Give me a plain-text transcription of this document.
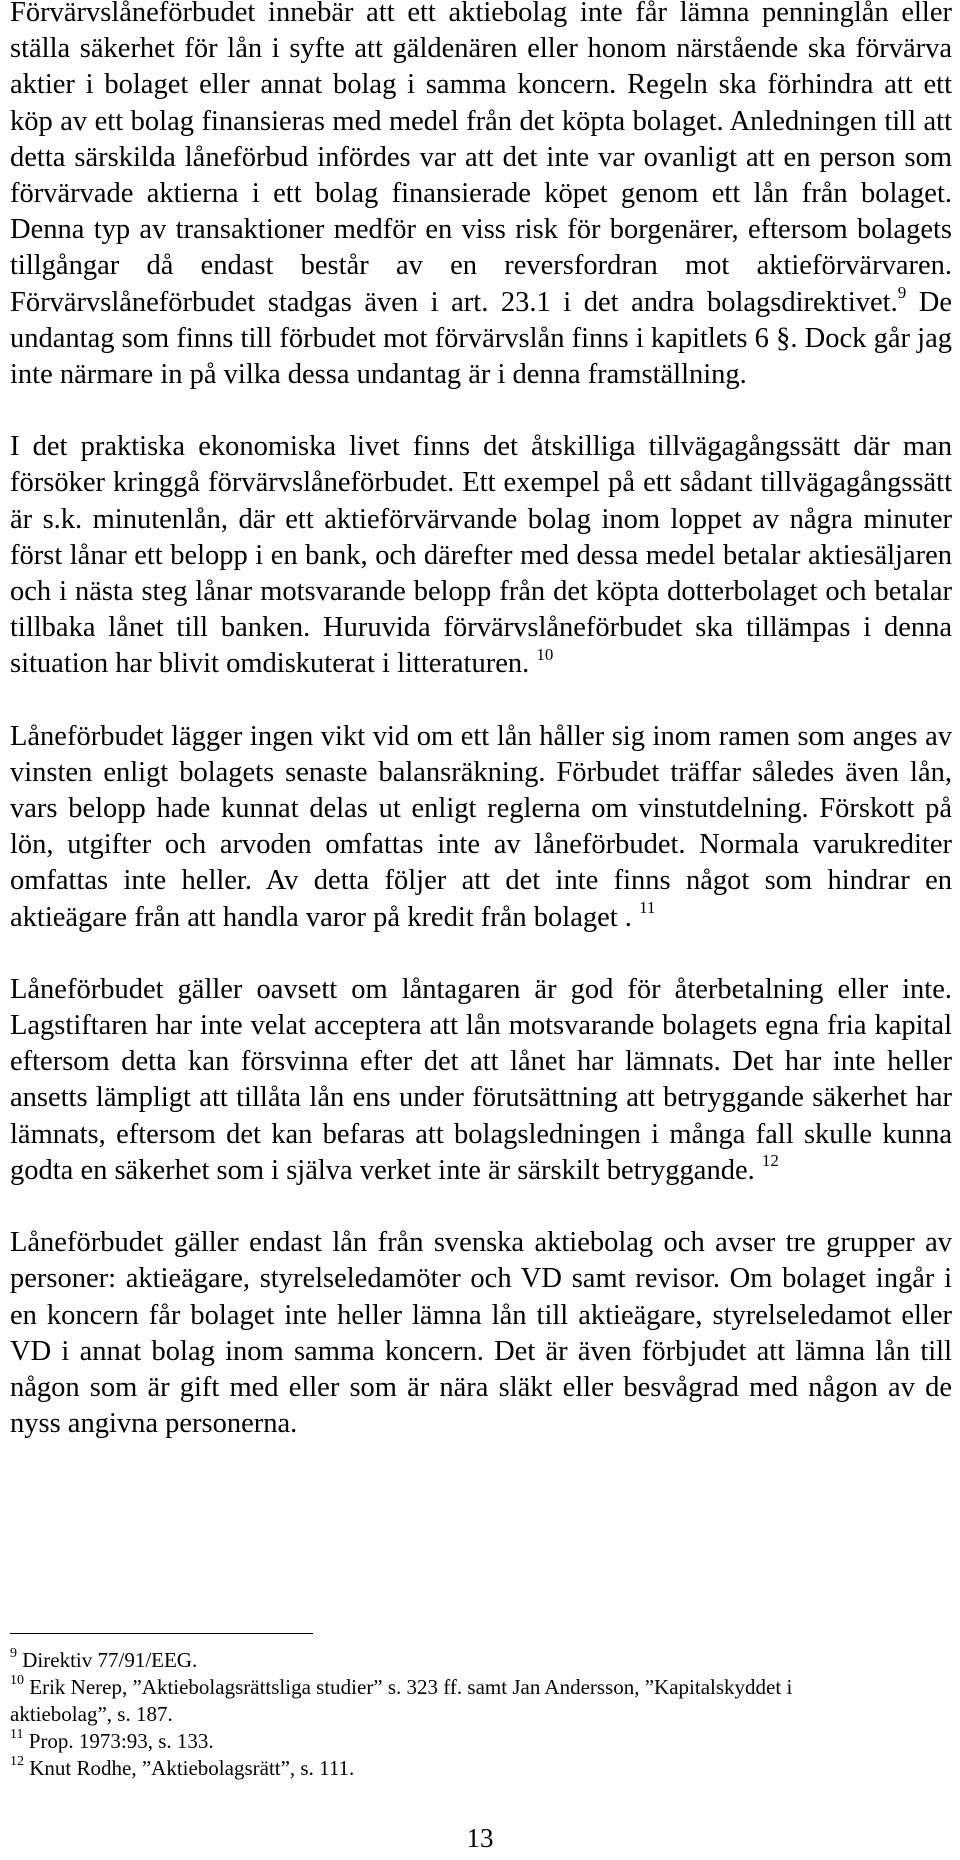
Förvärvslåneförbudet innebär att ett aktiebolag inte får lämna penninglån eller ställa säkerhet för lån i syfte att gäldenären eller honom närstående ska förvärva aktier i bolaget eller annat bolag i samma koncern. Regeln ska förhindra att ett köp av ett bolag finansieras med medel från det köpta bolaget. Anledningen till att detta särskilda låneförbud infördes var att det inte var ovanligt att en person som förvärvade aktierna i ett bolag finansierade köpet genom ett lån från bolaget. Denna typ av transaktioner medför en viss risk för borgenärer, eftersom bolagets tillgångar då endast består av en reversfordran mot aktieförvärvaren. Förvärvslåneförbudet stadgas även i art. 23.1 i det andra bolagsdirektivet.$^9$ De undantag som finns till förbudet mot förvärvslån finns i kapitlets 6 §. Dock går jag inte närmare in på vilka dessa undantag är i denna framställning.

I det praktiska ekonomiska livet finns det åtskilliga tillvägagångssätt där man försöker kringgå förvärvslåneförbudet. Ett exempel på ett sådant tillvägagångssätt är s.k. minutenlån, där ett aktieförvärvande bolag inom loppet av några minuter först lånar ett belopp i en bank, och därefter med dessa medel betalar aktiesäljaren och i nästa steg lånar motsvarande belopp från det köpta dotterbolaget och betalar tillbaka lånet till banken. Huruvida förvärvslåneförbudet ska tillämpas i denna situation har blivit omdiskuterat i litteraturen. $^{10}$

Låneförbudet lägger ingen vikt vid om ett lån håller sig inom ramen som anges av vinsten enligt bolagets senaste balansräkning. Förbudet träffar således även lån, vars belopp hade kunnat delas ut enligt reglerna om vinstutdelning. Förskott på lön, utgifter och arvoden omfattas inte av låneförbudet. Normala varukrediter omfattas inte heller. Av detta följer att det inte finns något som hindrar en aktieägare från att handla varor på kredit från bolaget . $^{11}$

Låneförbudet gäller oavsett om låntagaren är god för återbetalning eller inte. Lagstiftaren har inte velat acceptera att lån motsvarande bolagets egna fria kapital eftersom detta kan försvinna efter det att lånet har lämnats. Det har inte heller ansetts lämpligt att tillåta lån ens under förutsättning att betryggande säkerhet har lämnats, eftersom det kan befaras att bolagsledningen i många fall skulle kunna godta en säkerhet som i själva verket inte är särskilt betryggande. $^{12}$

Låneförbudet gäller endast lån från svenska aktiebolag och avser tre grupper av personer: aktieägare, styrelseledamöter och VD samt revisor. Om bolaget ingår i en koncern får bolaget inte heller lämna lån till aktieägare, styrelseledamot eller VD i annat bolag inom samma koncern. Det är även förbjudet att lämna lån till någon som är gift med eller som är nära släkt eller besvågrad med någon av de nyss angivna personerna.

$^9$ Direktiv 77/91/EEG.

$^{10}$ Erik Nerep, ”Aktiebolagsrättsliga studier” s. 323 ff. samt Jan Andersson, ”Kapitalskyddet i aktiebolag”, s. 187.

$^{11}$ Prop. 1973:93, s. 133.

$^{12}$ Knut Rodhe, ”Aktiebolagsrätt”, s. 111.

13
